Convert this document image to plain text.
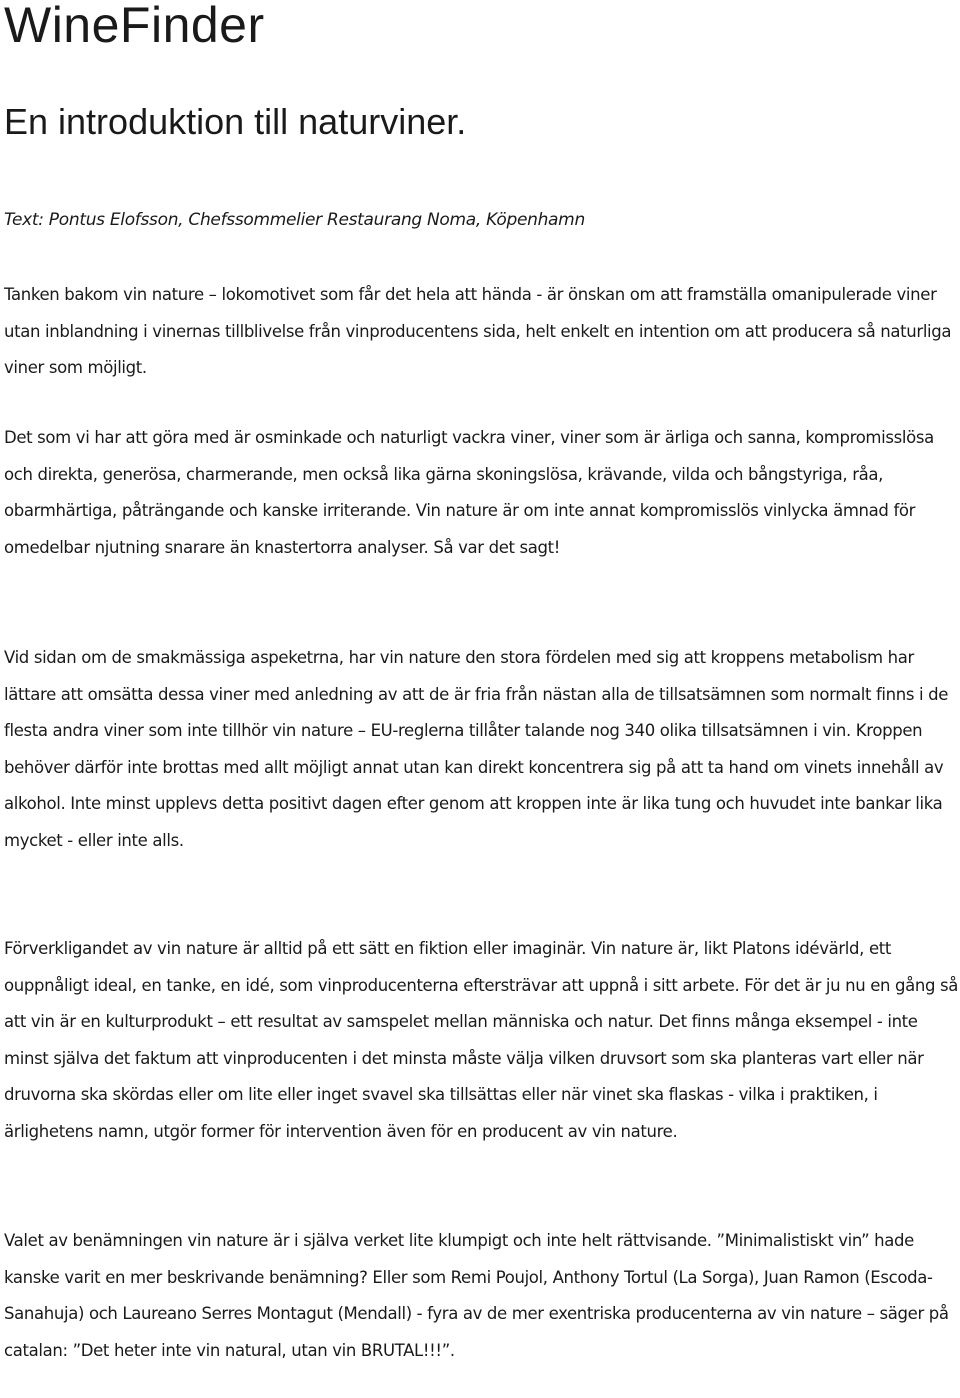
WineFinder
En introduktion till naturviner.

Text: Pontus Elofsson, Chefssommelier Restaurang Noma, Köpenhamn

Tanken bakom vin nature – lokomotivet som får det hela att hända - är önskan om att framställa omanipulerade viner utan inblandning i vinernas tillblivelse från vinproducentens sida, helt enkelt en intention om att producera så naturliga viner som möjligt.

Det som vi har att göra med är osminkade och naturligt vackra viner, viner som är ärliga och sanna, kompromisslösa och direkta, generösa, charmerande, men också lika gärna skoningslösa, krävande, vilda och bångstyriga, råa, obarmhärtiga, påträngande och kanske irriterande. Vin nature är om inte annat kompromisslös vinlycka ämnad för omedelbar njutning snarare än knastertorra analyser. Så var det sagt!

Vid sidan om de smakmässiga aspeketrna, har vin nature den stora fördelen med sig att kroppens metabolism har lättare att omsätta dessa viner med anledning av att de är fria från nästan alla de tillsatsämnen som normalt finns i de flesta andra viner som inte tillhör vin nature – EU-reglerna tillåter talande nog 340 olika tillsatsämnen i vin. Kroppen behöver därför inte brottas med allt möjligt annat utan kan direkt koncentrera sig på att ta hand om vinets innehåll av alkohol. Inte minst upplevs detta positivt dagen efter genom att kroppen inte är lika tung och huvudet inte bankar lika mycket - eller inte alls.

Förverkligandet av vin nature är alltid på ett sätt en fiktion eller imaginär. Vin nature är, likt Platons idévärld, ett ouppnåligt ideal, en tanke, en idé, som vinproducenterna eftersträvar att uppnå i sitt arbete. För det är ju nu en gång så att vin är en kulturprodukt – ett resultat av samspelet mellan människa och natur. Det finns många eksempel - inte minst själva det faktum att vinproducenten i det minsta måste välja vilken druvsort som ska planteras vart eller när druvorna ska skördas eller om lite eller inget svavel ska tillsättas eller när vinet ska flaskas - vilka i praktiken, i ärlighetens namn, utgör former för intervention även för en producent av vin nature.

Valet av benämningen vin nature är i själva verket lite klumpigt och inte helt rättvisande. ”Minimalistiskt vin” hade kanske varit en mer beskrivande benämning? Eller som Remi Poujol, Anthony Tortul (La Sorga), Juan Ramon (Escoda-Sanahuja) och Laureano Serres Montagut (Mendall) - fyra av de mer exentriska producenterna av vin nature – säger på catalan: ”Det heter inte vin natural, utan vin BRUTAL!!!”.
